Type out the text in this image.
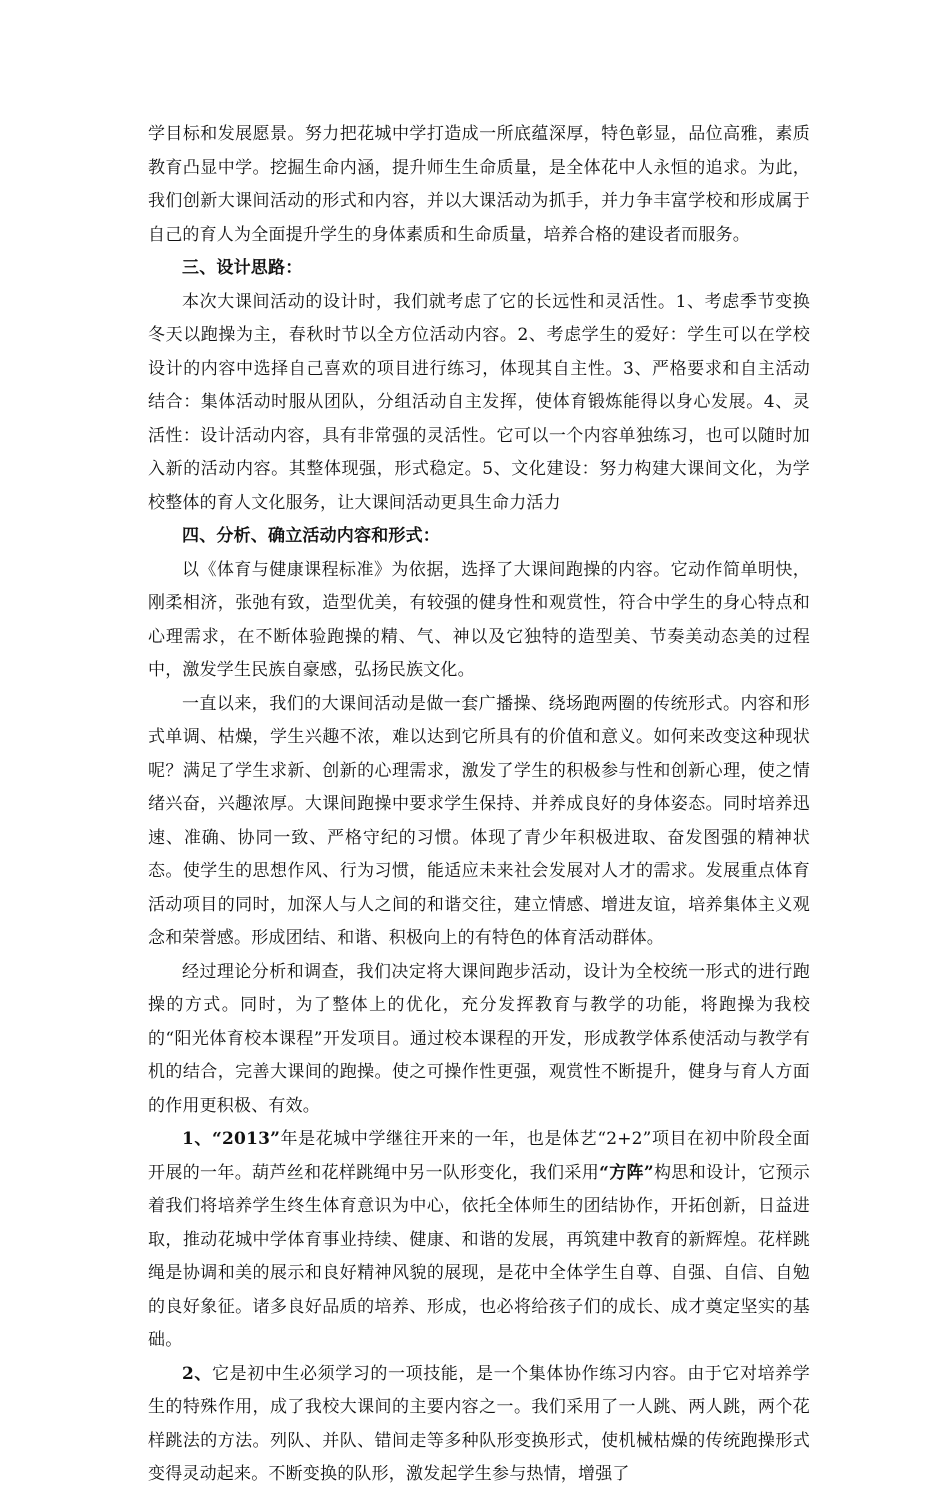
学目标和发展愿景。努力把花城中学打造成一所底蕴深厚，特色彰显，品位高雅，素质教育凸显中学。挖掘生命内涵，提升师生生命质量，是全体花中人永恒的追求。为此，我们创新大课间活动的形式和内容，并以大课活动为抓手，并力争丰富学校和形成属于自己的育人为全面提升学生的身体素质和生命质量，培养合格的建设者而服务。

三、设计思路：

本次大课间活动的设计时，我们就考虑了它的长远性和灵活性。1、考虑季节变换冬天以跑操为主，春秋时节以全方位活动内容。2、考虑学生的爱好：学生可以在学校设计的内容中选择自己喜欢的项目进行练习，体现其自主性。3、严格要求和自主活动结合：集体活动时服从团队，分组活动自主发挥，使体育锻炼能得以身心发展。4、灵活性：设计活动内容，具有非常强的灵活性。它可以一个内容单独练习，也可以随时加入新的活动内容。其整体现强，形式稳定。5、文化建设：努力构建大课间文化，为学校整体的育人文化服务，让大课间活动更具生命力活力

四、分析、确立活动内容和形式：

以《体育与健康课程标准》为依据，选择了大课间跑操的内容。它动作简单明快，刚柔相济，张弛有致，造型优美，有较强的健身性和观赏性，符合中学生的身心特点和心理需求，在不断体验跑操的精、气、神以及它独特的造型美、节奏美动态美的过程中，激发学生民族自豪感，弘扬民族文化。

一直以来，我们的大课间活动是做一套广播操、绕场跑两圈的传统形式。内容和形式单调、枯燥，学生兴趣不浓，难以达到它所具有的价值和意义。如何来改变这种现状呢？满足了学生求新、创新的心理需求，激发了学生的积极参与性和创新心理，使之情绪兴奋，兴趣浓厚。大课间跑操中要求学生保持、并养成良好的身体姿态。同时培养迅速、准确、协同一致、严格守纪的习惯。体现了青少年积极进取、奋发图强的精神状态。使学生的思想作风、行为习惯，能适应未来社会发展对人才的需求。发展重点体育活动项目的同时，加深人与人之间的和谐交往，建立情感、增进友谊，培养集体主义观念和荣誉感。形成团结、和谐、积极向上的有特色的体育活动群体。

经过理论分析和调查，我们决定将大课间跑步活动，设计为全校统一形式的进行跑操的方式。同时，为了整体上的优化，充分发挥教育与教学的功能，将跑操为我校的“阳光体育校本课程”开发项目。通过校本课程的开发，形成教学体系使活动与教学有机的结合，完善大课间的跑操。使之可操作性更强，观赏性不断提升，健身与育人方面的作用更积极、有效。

1、“2013”年是花城中学继往开来的一年，也是体艺“2+2”项目在初中阶段全面开展的一年。葫芦丝和花样跳绳中另一队形变化，我们采用“方阵”构思和设计，它预示着我们将培养学生终生体育意识为中心，依托全体师生的团结协作，开拓创新，日益进取，推动花城中学体育事业持续、健康、和谐的发展，再筑建中教育的新辉煌。花样跳绳是协调和美的展示和良好精神风貌的展现，是花中全体学生自尊、自强、自信、自勉的良好象征。诸多良好品质的培养、形成，也必将给孩子们的成长、成才奠定坚实的基础。

2、它是初中生必须学习的一项技能，是一个集体协作练习内容。由于它对培养学生的特殊作用，成了我校大课间的主要内容之一。我们采用了一人跳、两人跳，两个花样跳法的方法。列队、并队、错间走等多种队形变换形式，使机械枯燥的传统跑操形式变得灵动起来。不断变换的队形，激发起学生参与热情，增强了
